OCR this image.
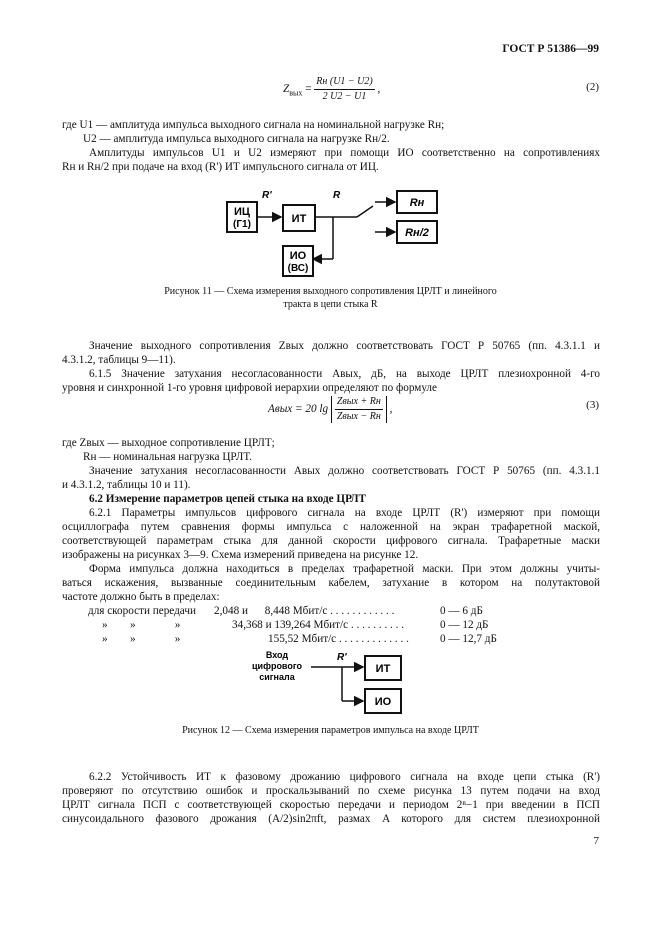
ГОСТ Р 51386—99
$Z_{вых} = \frac{Rн (U1 - U2)}{2 U2 - U1}$ ,	(2)
где U1 — амплитуда импульса выходного сигнала на номинальной нагрузке Rн;
U2 — амплитуда импульса выходного сигнала на нагрузке Rн/2.
Амплитуды импульсов U1 и U2 измеряют при помощи ИО соответственно на сопротивлениях
Rн и Rн/2 при подаче на вход (R') ИТ импульсного сигнала от ИЦ.
ИЦ
(Г1)
R'
ИТ
R
Rн
Rн/2
ИО
(ВС)
Рисунок 11 — Схема измерения выходного сопротивления ЦРЛТ и линейного
тракта в цепи стыка R
Значение выходного сопротивления Zвых должно соответствовать ГОСТ Р 50765 (пп. 4.3.1.1 и
4.3.1.2, таблицы 9—11).
6.1.5 Значение затухания несогласованности Aвых, дБ, на выходе ЦРЛТ плезиохронной 4-го
уровня и синхронной 1-го уровня цифровой иерархии определяют по формуле
Aвых = 20 $\lg \frac{\text{Zвых + Rн}}{\text{Zвых − Rн}}$ ,	(3)
где Zвых — выходное сопротивление ЦРЛТ;
Rн — номинальная нагрузка ЦРЛТ.
Значение затухания несогласованности Aвых должно соответствовать ГОСТ Р 50765 (пп. 4.3.1.1
и 4.3.1.2, таблицы 10 и 11).
6.2 Измерение параметров цепей стыка на входе ЦРЛТ
6.2.1 Параметры импульсов цифрового сигнала на входе ЦРЛТ (R') измеряют при помощи
осциллографа путем сравнения формы импульса с наложенной на экран трафаретной маской,
соответствующей параметрам стыка для данной скорости цифрового сигнала. Трафаретные маски
изображены на рисунках 3—9. Схема измерений приведена на рисунке 12.
Форма импульса должна находиться в пределах трафаретной маски. При этом должны учиты-
ваться искажения, вызванные соединительным кабелем, затухание в котором на полутактовой
частоте должно быть в пределах:
для скорости передачи 2,048 и      8,448 Мбит/с . . . . . . . . . . . .	0 — 6 дБ
»        »              »	34,368 и 139,264 Мбит/с . . . . . . . . . .	0 — 12 дБ
»        »              »	155,52 Мбит/с . . . . . . . . . . . . .	0 — 12,7 дБ
Вход
цифрового
сигнала
R'
ИТ
ИО
Рисунок 12 — Схема измерения параметров импульса на входе ЦРЛТ
6.2.2 Устойчивость ИТ к фазовому дрожанию цифрового сигнала на входе цепи стыка (R')
проверяют по отсутствию ошибок и проскальзываний по схеме рисунка 13 путем подачи на вход
ЦРЛТ сигнала ПСП с соответствующей скоростью передачи и периодом 2ⁿ−1 при введении в ПСП
синусоидального фазового дрожания (A/2)sin2πft, размах A которого для систем плезиохронной
7
